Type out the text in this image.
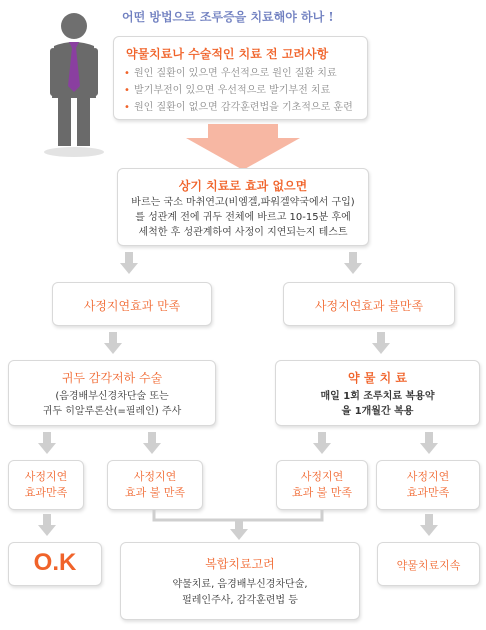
어떤 방법으로 조루증을 치료해야 하나 !
약물치료나 수술적인 치료 전 고려사항
• 원인 질환이 있으면 우선적으로 원인 질환 치료
• 발기부전이 있으면 우선적으로 발기부전 치료
• 원인 질환이 없으면 감각훈련법을 기초적으로 훈련
상기 치료로 효과 없으면
바르는 국소 마취연고(비엠겔,파워겔약국에서 구입)
를 성관계 전에 귀두 전체에 바르고 10-15분 후에
세척한 후 성관계하여 사정이 지연되는지 테스트
사정지연효과 만족	사정지연효과 불만족
귀두 감각저하 수술
(음경배부신경차단술 또는
귀두 히알루론산(=필레인) 주사
약 물 치 료
매일 1회 조루치료 복용약
을 1개월간 복용
사정지연
효과만족
사정지연
효과 불 만족
사정지연
효과 불 만족
사정지연
효과만족
O.K	복합치료고려
약물치료, 음경배부신경차단술,
펄레인주사, 감각훈련법 등
약물치료지속
